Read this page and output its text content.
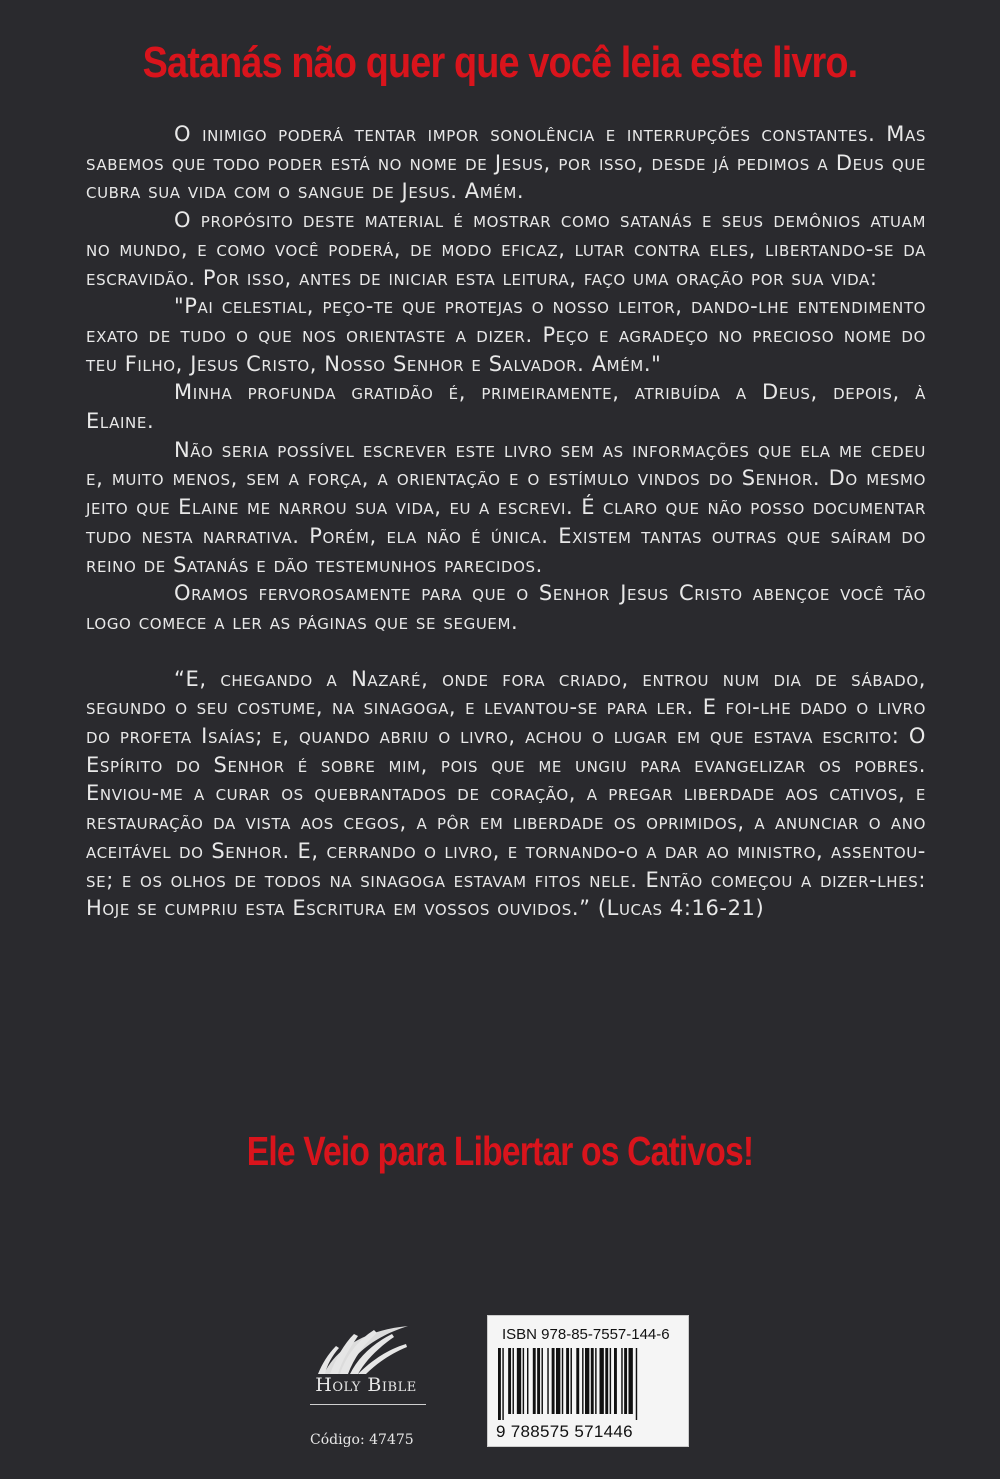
Satanás não quer que você leia este livro.

O inimigo poderá tentar impor sonolência e interrupções constantes. Mas sabemos que todo poder está no nome de Jesus, por isso, desde já pedimos a Deus que cubra sua vida com o sangue de Jesus. Amém.

O propósito deste material é mostrar como satanás e seus demônios atuam no mundo, e como você poderá, de modo eficaz, lutar contra eles, libertando-se da escravidão. Por isso, antes de iniciar esta leitura, faço uma oração por sua vida:

"Pai celestial, peço-te que protejas o nosso leitor, dando-lhe entendimento exato de tudo o que nos orientaste a dizer. Peço e agradeço no precioso nome do teu Filho, Jesus Cristo, Nosso Senhor e Salvador. Amém."

Minha profunda gratidão é, primeiramente, atribuída a Deus, depois, à Elaine.

Não seria possível escrever este livro sem as informações que ela me cedeu e, muito menos, sem a força, a orientação e o estímulo vindos do Senhor. Do mesmo jeito que Elaine me narrou sua vida, eu a escrevi. É claro que não posso documentar tudo nesta narrativa. Porém, ela não é única. Existem tantas outras que saíram do reino de Satanás e dão testemunhos parecidos.

Oramos fervorosamente para que o Senhor Jesus Cristo abençoe você tão logo comece a ler as páginas que se seguem.

“E, chegando a Nazaré, onde fora criado, entrou num dia de sábado, segundo o seu costume, na sinagoga, e levantou-se para ler. E foi-lhe dado o livro do profeta Isaías; e, quando abriu o livro, achou o lugar em que estava escrito: O Espírito do Senhor é sobre mim, pois que me ungiu para evangelizar os pobres. Enviou-me a curar os quebrantados de coração, a pregar liberdade aos cativos, e restauração da vista aos cegos, a pôr em liberdade os oprimidos, a anunciar o ano aceitável do Senhor. E, cerrando o livro, e tornando-o a dar ao ministro, assentou-se; e os olhos de todos na sinagoga estavam fitos nele. Então começou a dizer-lhes: Hoje se cumpriu esta Escritura em vossos ouvidos.” (Lucas 4:16-21)

Ele Veio para Libertar os Cativos!
Holy Bible
Código: 47475
ISBN 978-85-7557-144-6
9 788575 571446
